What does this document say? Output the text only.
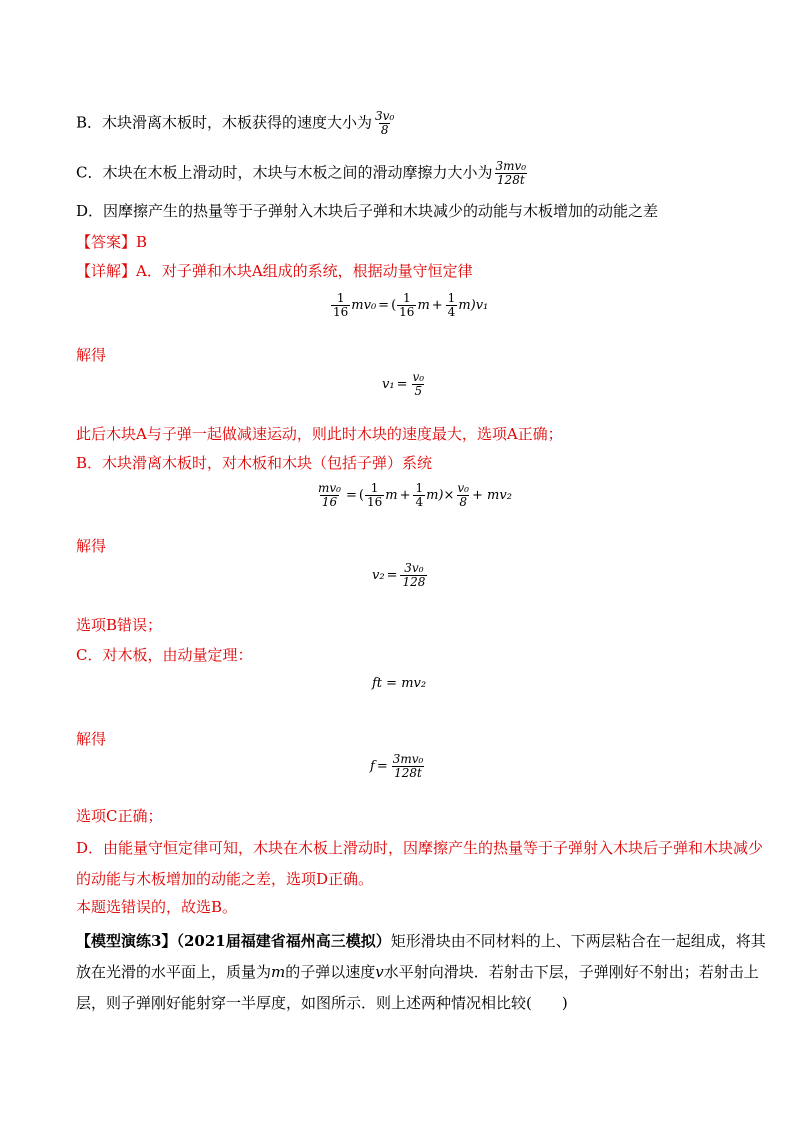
B．木块滑离木板时，木板获得的速度大小为 $\frac{\text{3v₀}}{8}$
C．木块在木板上滑动时，木块与木板之间的滑动摩擦力大小为 $\frac{\text{3mv₀}}{128t}$
D．因摩擦产生的热量等于子弹射入木块后子弹和木块减少的动能与木板增加的动能之差
【答案】B
【详解】A．对子弹和木块A组成的系统，根据动量守恒定律
$\frac{1}{16} mv_0$ = ( $\frac{1}{16}$ $m + \frac{1}{4} m)v_1$
解得
$v_1 = \frac{\text{v₀}}{5}$
此后木块A与子弹一起做减速运动，则此时木块的速度最大，选项A正确；
B．木块滑离木板时，对木板和木块（包括子弹）系统
$\frac{\text{mv₀}}{16}$ = ( $\frac{1}{16}$ $m + \frac{1}{4} m)\times \frac{\text{v₀}}{8} + mv_2$
解得
$v_2 = \frac{\text{3v₀}}{128}$
选项B错误；
C．对木板，由动量定理：
ft = mv₂
解得
$f = \frac{\text{3mv₀}}{128t}$
选项C正确；
D．由能量守恒定律可知，木块在木板上滑动时，因摩擦产生的热量等于子弹射入木块后子弹和木块减少
的动能与木板增加的动能之差，选项D正确。
本题选错误的，故选B。
【模型演练3】（2021届福建省福州高三模拟）矩形滑块由不同材料的上、下两层粘合在一起组成，将其
放在光滑的水平面上，质量为m的子弹以速度v水平射向滑块．若射击下层，子弹刚好不射出；若射击上
层，则子弹刚好能射穿一半厚度，如图所示．则上述两种情况相比较(　　)
